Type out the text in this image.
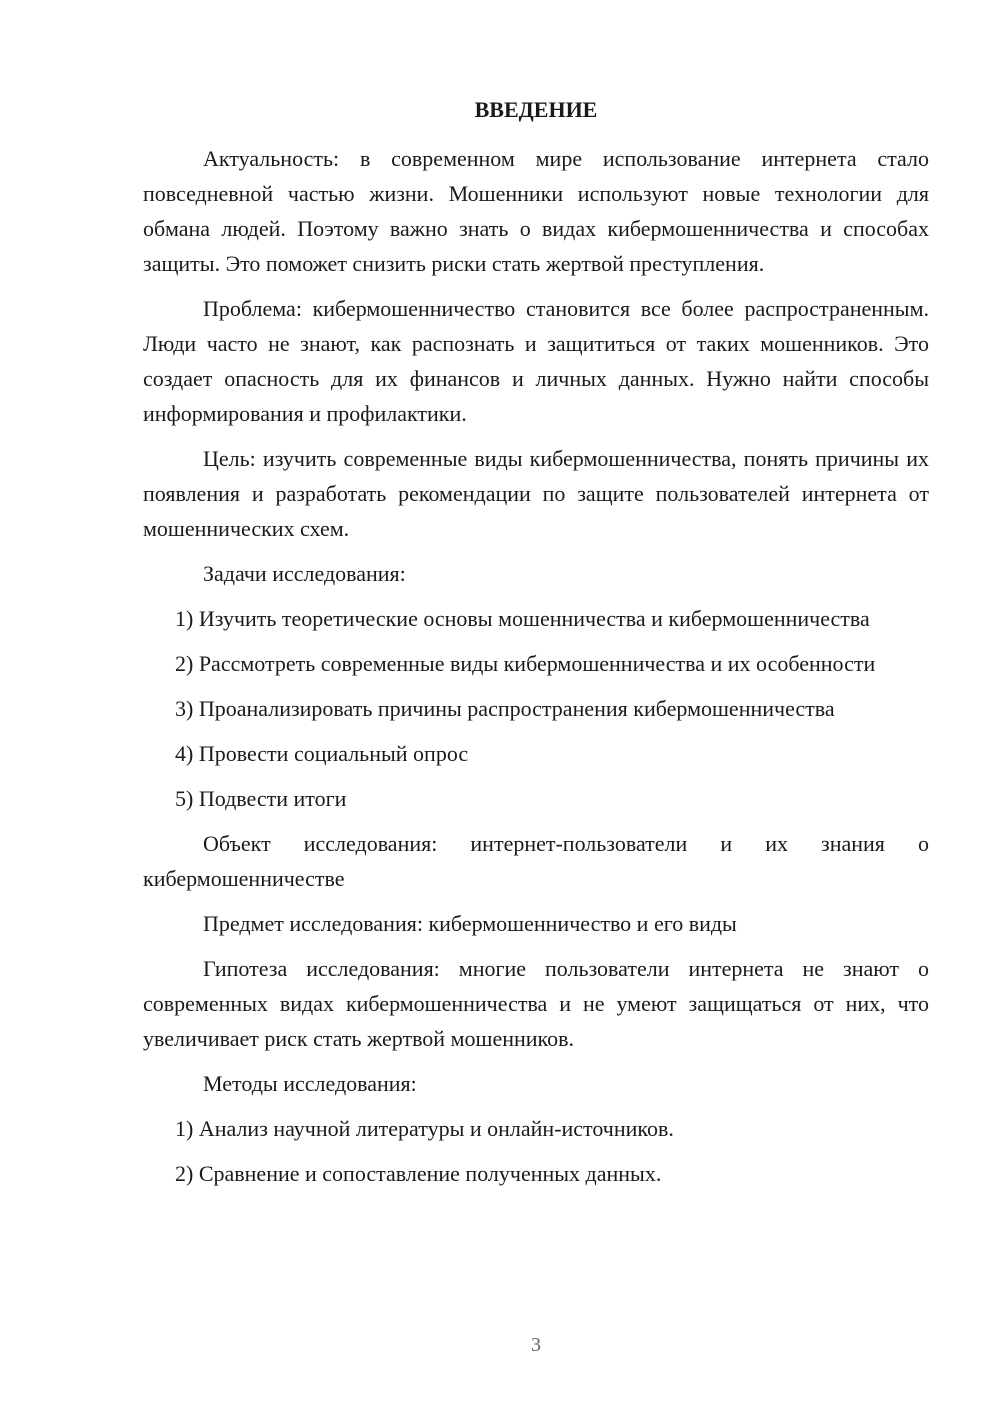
ВВЕДЕНИЕ

Актуальность: в современном мире использование интернета стало повседневной частью жизни. Мошенники используют новые технологии для обмана людей. Поэтому важно знать о видах кибермошенничества и способах защиты. Это поможет снизить риски стать жертвой преступления.

Проблема: кибермошенничество становится все более распространенным. Люди часто не знают, как распознать и защититься от таких мошенников. Это создает опасность для их финансов и личных данных. Нужно найти способы информирования и профилактики.

Цель: изучить современные виды кибермошенничества, понять причины их появления и разработать рекомендации по защите пользователей интернета от мошеннических схем.

Задачи исследования:

1) Изучить теоретические основы мошенничества и кибермошенничества

2) Рассмотреть современные виды кибермошенничества и их особенности

3) Проанализировать причины распространения кибермошенничества

4) Провести социальный опрос

5) Подвести итоги

Объект исследования: интернет-пользователи и их знания о кибермошенничестве

Предмет исследования: кибермошенничество и его виды

Гипотеза исследования: многие пользователи интернета не знают о современных видах кибермошенничества и не умеют защищаться от них, что увеличивает риск стать жертвой мошенников.

Методы исследования:

1) Анализ научной литературы и онлайн-источников.

2) Сравнение и сопоставление полученных данных.

3
